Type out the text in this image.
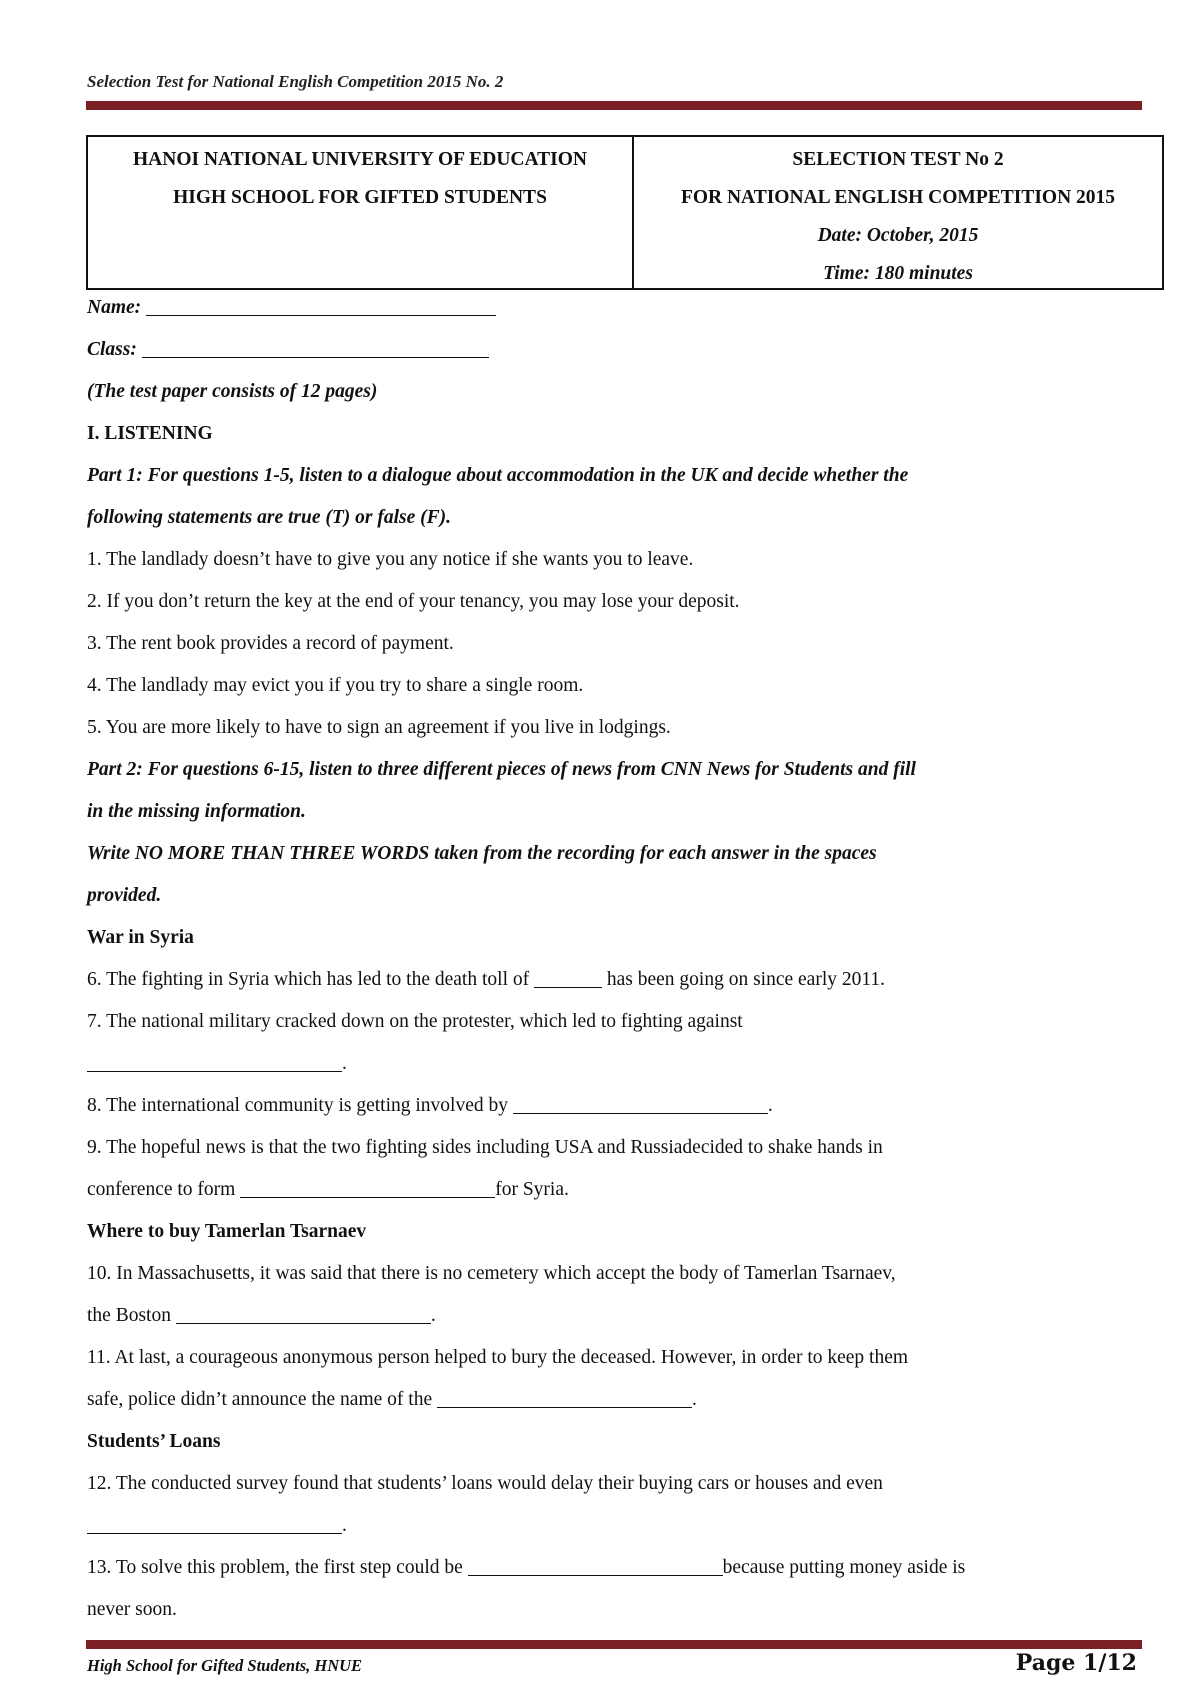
Selection Test for National English Competition 2015 No. 2
HANOI NATIONAL UNIVERSITY OF EDUCATION
HIGH SCHOOL FOR GIFTED STUDENTS
SELECTION TEST No 2
FOR NATIONAL ENGLISH COMPETITION 2015
Date: October, 2015
Time: 180 minutes

Name:

Class:

(The test paper consists of 12 pages)

I. LISTENING

Part 1: For questions 1-5, listen to a dialogue about accommodation in the UK and decide whether the

following statements are true (T) or false (F).

1. The landlady doesn’t have to give you any notice if she wants you to leave.

2. If you don’t return the key at the end of your tenancy, you may lose your deposit.

3. The rent book provides a record of payment.

4. The landlady may evict you if you try to share a single room.

5. You are more likely to have to sign an agreement if you live in lodgings.

Part 2: For questions 6-15, listen to three different pieces of news from CNN News for Students and fill

in the missing information.

Write NO MORE THAN THREE WORDS taken from the recording for each answer in the spaces

provided.

War in Syria

6. The fighting in Syria which has led to the death toll of	has been going on since early 2011.

7. The national military cracked down on the protester, which led to fighting against

.

8. The international community is getting involved by	.

9. The hopeful news is that the two fighting sides including USA and Russiadecided to shake hands in

conference to form	for Syria.

Where to buy Tamerlan Tsarnaev

10. In Massachusetts, it was said that there is no cemetery which accept the body of Tamerlan Tsarnaev,

the Boston	.

11. At last, a courageous anonymous person helped to bury the deceased. However, in order to keep them

safe, police didn’t announce the name of the	.

Students’ Loans

12. The conducted survey found that students’ loans would delay their buying cars or houses and even

.

13. To solve this problem, the first step could be	because putting money aside is

never soon.

High School for Gifted Students, HNUE	Page 1/12
